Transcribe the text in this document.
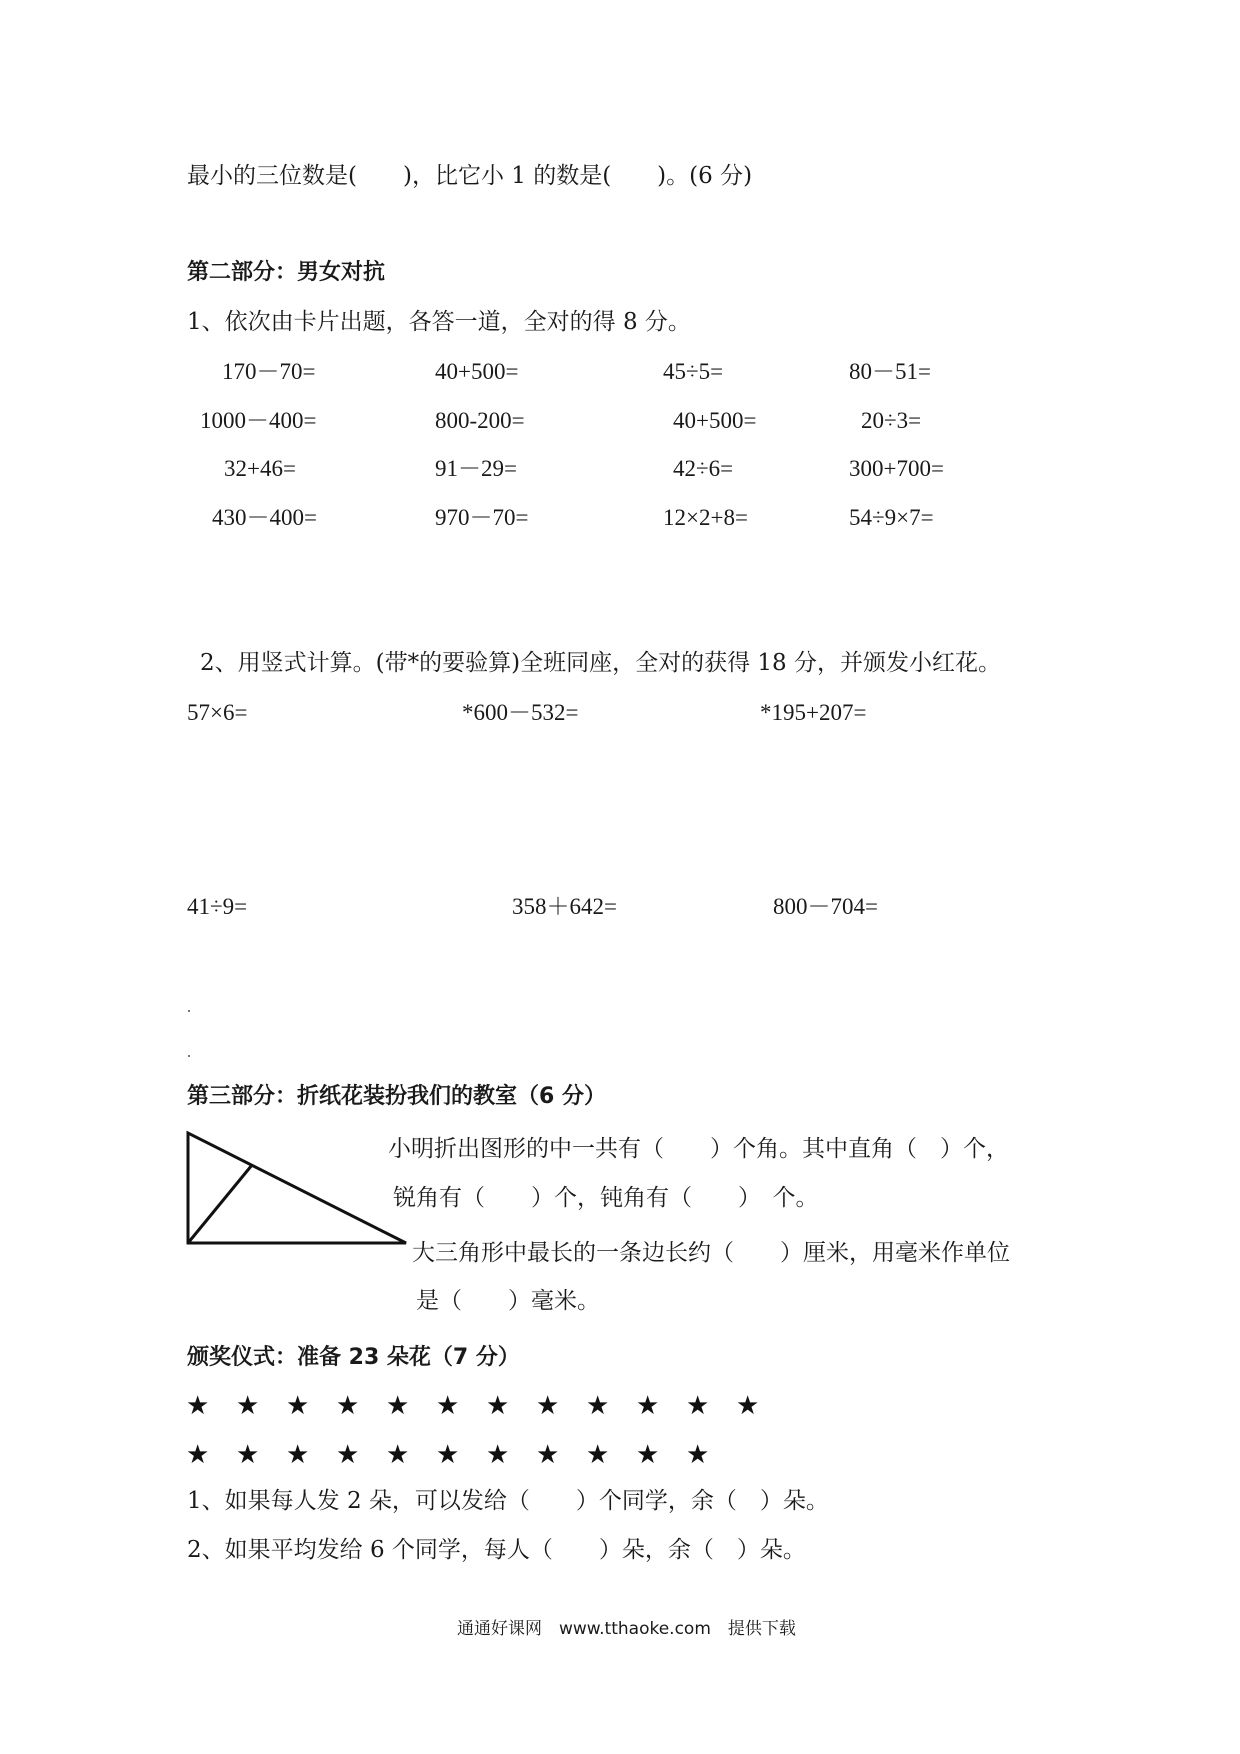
最小的三位数是(　　)，比它小 1 的数是(　　)。(6 分)
第二部分：男女对抗
1、依次由卡片出题，各答一道，全对的得 8 分。
170－70=	40+500=	45÷5=	80－51=
1000－400=	800-200=	40+500=	20÷3=
32+46=	91－29=	42÷6=	300+700=
430－400=	970－70=	12×2+8=	54÷9×7=
2、用竖式计算。(带*的要验算)全班同座，全对的获得 18 分，并颁发小红花。
57×6=	*600－532=	*195+207=
41÷9=	358＋642=	800－704=
第三部分：折纸花装扮我们的教室（6 分）
小明折出图形的中一共有（　　）个角。其中直角（　）个，
锐角有（　　）个，钝角有（　　）　个。
大三角形中最长的一条边长约（　　）厘米，用毫米作单位
是（　　）毫米。
颁奖仪式：准备 23 朵花（7 分）
★ ★ ★ ★ ★ ★ ★ ★ ★ ★ ★ ★
★ ★ ★ ★ ★ ★ ★ ★ ★ ★ ★
1、如果每人发 2 朵，可以发给（　　）个同学，余（　）朵。
2、如果平均发给 6 个同学，每人（　　）朵，余（　）朵。
通通好课网　www.tthaoke.com　提供下载
